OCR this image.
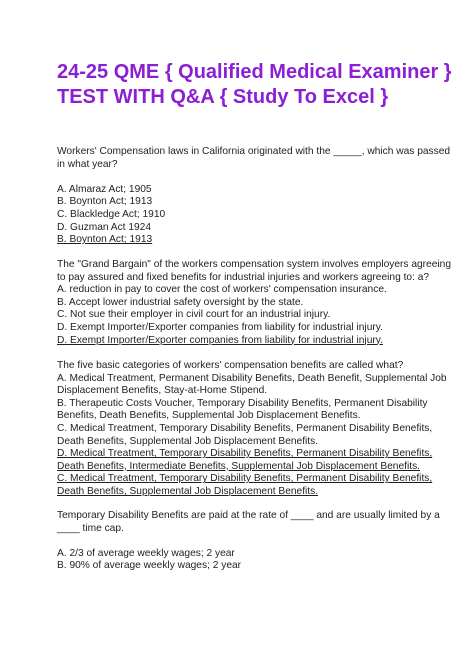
24-25 QME { Qualified Medical Examiner }
TEST WITH Q&A { Study To Excel }
Workers' Compensation laws in California originated with the _____, which was passed
in what year?
A. Almaraz Act; 1905
B. Boynton Act; 1913
C. Blackledge Act; 1910
D. Guzman Act 1924
B. Boynton Act; 1913
The "Grand Bargain" of the workers compensation system involves employers agreeing
to pay assured and fixed benefits for industrial injuries and workers agreeing to: a?
A. reduction in pay to cover the cost of workers' compensation insurance.
B. Accept lower industrial safety oversight by the state.
C. Not sue their employer in civil court for an industrial injury.
D. Exempt Importer/Exporter companies from liability for industrial injury.
D. Exempt Importer/Exporter companies from liability for industrial injury.
The five basic categories of workers' compensation benefits are called what?
A. Medical Treatment, Permanent Disability Benefits, Death Benefit, Supplemental Job
Displacement Benefits, Stay-at-Home Stipend.
B. Therapeutic Costs Voucher, Temporary Disability Benefits, Permanent Disability
Benefits, Death Benefits, Supplemental Job Displacement Benefits.
C. Medical Treatment, Temporary Disability Benefits, Permanent Disability Benefits,
Death Benefits, Supplemental Job Displacement Benefits.
D. Medical Treatment, Temporary Disability Benefits, Permanent Disability Benefits,
Death Benefits, Intermediate Benefits, Supplemental Job Displacement Benefits.
C. Medical Treatment, Temporary Disability Benefits, Permanent Disability Benefits,
Death Benefits, Supplemental Job Displacement Benefits.
Temporary Disability Benefits are paid at the rate of ____ and are usually limited by a
____ time cap.
A. 2/3 of average weekly wages; 2 year
B. 90% of average weekly wages; 2 year
